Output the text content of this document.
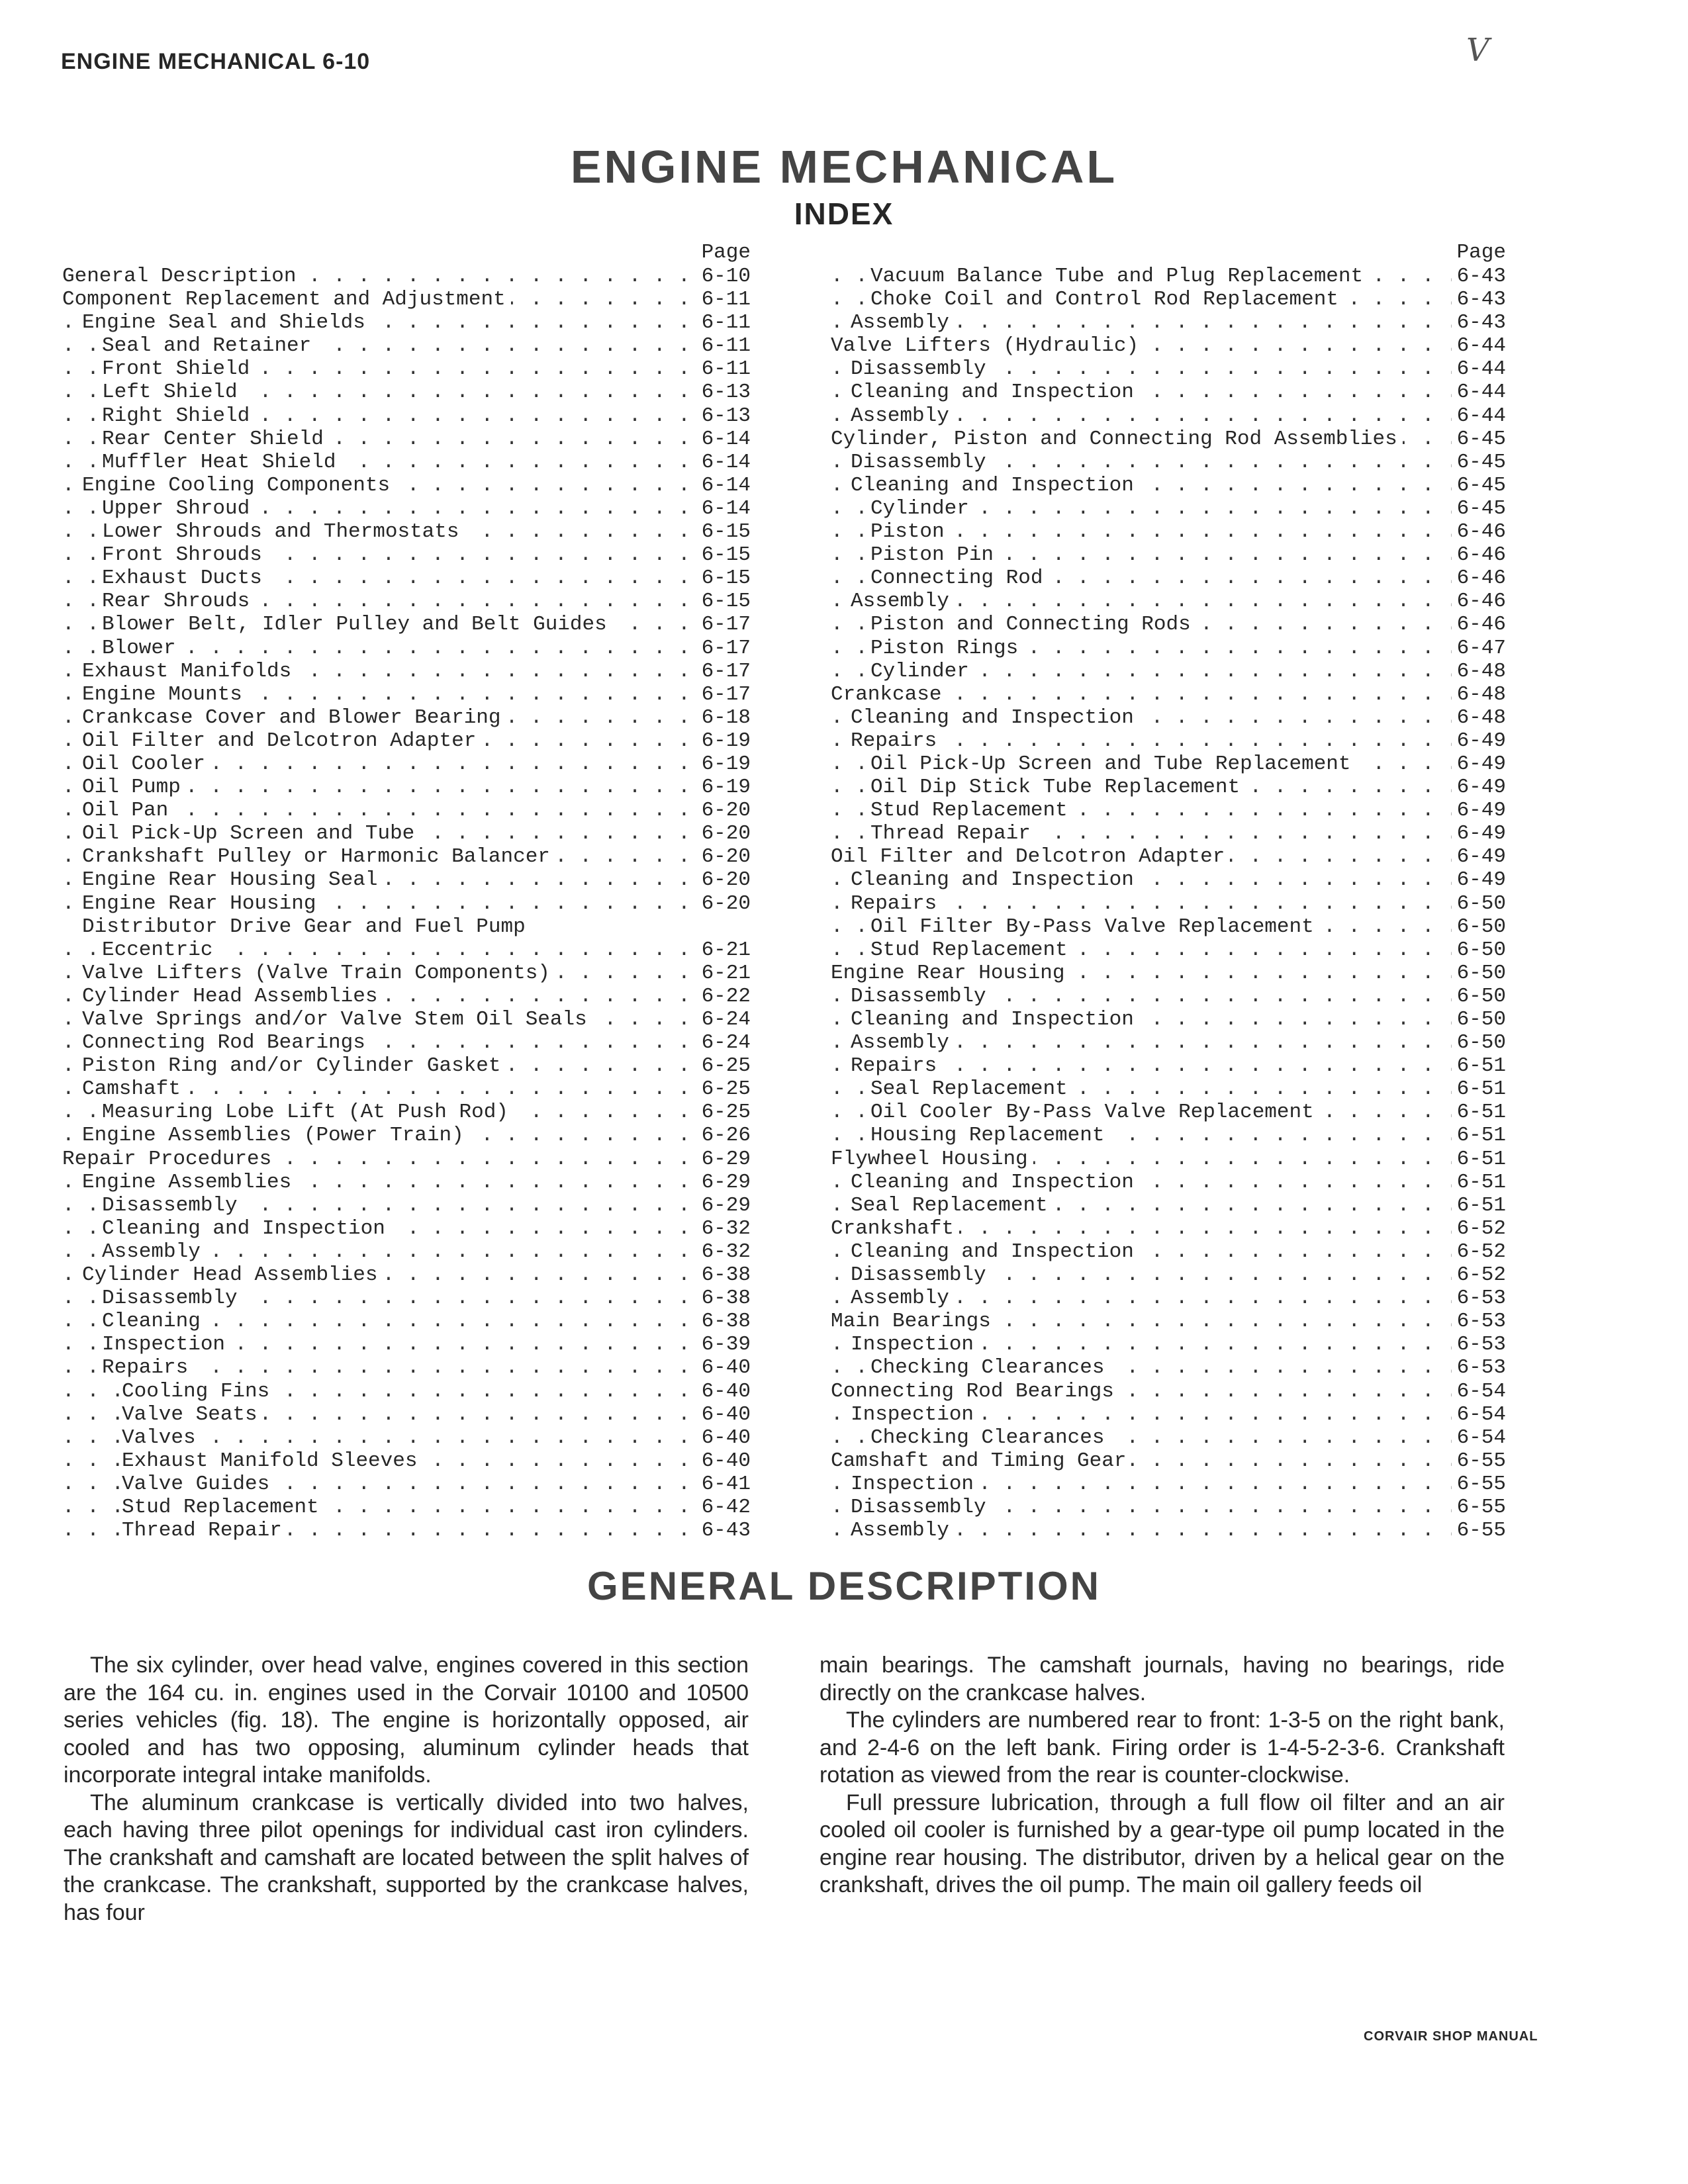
ENGINE MECHANICAL 6-10	V
ENGINE MECHANICAL
INDEX
Page
General Description	6-10
. . .
Component Replacement and Adjustment	6-11
. . .
Engine Seal and Shields	6-11
. . .
Seal and Retainer	6-11
. . .
Front Shield	6-11
. . .
Left Shield	6-13
. . .
Right Shield	6-13
. . .
Rear Center Shield	6-14
. . .
Muffler Heat Shield	6-14
. . .
Engine Cooling Components	6-14
. . .
Upper Shroud	6-14
. . .
Lower Shrouds and Thermostats	6-15
. . .
Front Shrouds	6-15
. . .
Exhaust Ducts	6-15
. . .
Rear Shrouds	6-15
. . .
Blower Belt, Idler Pulley and Belt Guides	6-17
. . .
Blower	6-17
. . .
Exhaust Manifolds	6-17
. . .
Engine Mounts	6-17
. . .
Crankcase Cover and Blower Bearing	6-18
. . .
Oil Filter and Delcotron Adapter	6-19
. . .
Oil Cooler	6-19
. . .
Oil Pump	6-19
. . .
Oil Pan	6-20
. . .
Oil Pick-Up Screen and Tube	6-20
. . .
Crankshaft Pulley or Harmonic Balancer	6-20
. . .
Engine Rear Housing Seal	6-20
. . .
Engine Rear Housing	6-20
. . .
Distributor Drive Gear and Fuel Pump
Eccentric	6-21
. . .
Valve Lifters (Valve Train Components)	6-21
. . .
Cylinder Head Assemblies	6-22
. . .
Valve Springs and/or Valve Stem Oil Seals	6-24
. . .
Connecting Rod Bearings	6-24
. . .
Piston Ring and/or Cylinder Gasket	6-25
. . .
Camshaft	6-25
. . .
Measuring Lobe Lift (At Push Rod)	6-25
. . .
Engine Assemblies (Power Train)	6-26
. . .
Repair Procedures	6-29
. . .
Engine Assemblies	6-29
. . .
Disassembly	6-29
. . .
Cleaning and Inspection	6-32
. . .
Assembly	6-32
. . .
Cylinder Head Assemblies	6-38
. . .
Disassembly	6-38
. . .
Cleaning	6-38
. . .
Inspection	6-39
. . .
Repairs	6-40
. . .
Cooling Fins	6-40
. . .
Valve Seats	6-40
. . .
Valves	6-40
. . .
Exhaust Manifold Sleeves	6-40
. . .
Valve Guides	6-41
. . .
Stud Replacement	6-42
. . .
Thread Repair	6-43
. . .
Page
Vacuum Balance Tube and Plug Replacement	6-43
. . .
Choke Coil and Control Rod Replacement	6-43
. . .
Assembly	6-43
. . .
Valve Lifters (Hydraulic)	6-44
. . .
Disassembly	6-44
. . .
Cleaning and Inspection	6-44
. . .
Assembly	6-44
. . .
Cylinder, Piston and Connecting Rod Assemblies	6-45
. . .
Disassembly	6-45
. . .
Cleaning and Inspection	6-45
. . .
Cylinder	6-45
. . .
Piston	6-46
. . .
Piston Pin	6-46
. . .
Connecting Rod	6-46
. . .
Assembly	6-46
. . .
Piston and Connecting Rods	6-46
. . .
Piston Rings	6-47
. . .
Cylinder	6-48
. . .
Crankcase	6-48
. . .
Cleaning and Inspection	6-48
. . .
Repairs	6-49
. . .
Oil Pick-Up Screen and Tube Replacement	6-49
. . .
Oil Dip Stick Tube Replacement	6-49
. . .
Stud Replacement	6-49
. . .
Thread Repair	6-49
. . .
Oil Filter and Delcotron Adapter	6-49
. . .
Cleaning and Inspection	6-49
. . .
Repairs	6-50
. . .
Oil Filter By-Pass Valve Replacement	6-50
. . .
Stud Replacement	6-50
. . .
Engine Rear Housing	6-50
. . .
Disassembly	6-50
. . .
Cleaning and Inspection	6-50
. . .
Assembly	6-50
. . .
Repairs	6-51
. . .
Seal Replacement	6-51
. . .
Oil Cooler By-Pass Valve Replacement	6-51
. . .
Housing Replacement	6-51
. . .
Flywheel Housing	6-51
. . .
Cleaning and Inspection	6-51
. . .
Seal Replacement	6-51
. . .
Crankshaft	6-52
. . .
Cleaning and Inspection	6-52
. . .
Disassembly	6-52
. . .
Assembly	6-53
. . .
Main Bearings	6-53
. . .
Inspection	6-53
. . .
Checking Clearances	6-53
. . .
Connecting Rod Bearings	6-54
. . .
Inspection	6-54
. . .
Checking Clearances	6-54
. . .
Camshaft and Timing Gear	6-55
. . .
Inspection	6-55
. . .
Disassembly	6-55
. . .
Assembly	6-55
. . .
GENERAL DESCRIPTION

The six cylinder, over head valve, engines covered in this section are the 164 cu. in. engines used in the Corvair 10100 and 10500 series vehicles (fig. 18). The engine is horizontally opposed, air cooled and has two opposing, aluminum cylinder heads that incorporate integral intake manifolds.

The aluminum crankcase is vertically divided into two halves, each having three pilot openings for individual cast iron cylinders. The crankshaft and camshaft are located between the split halves of the crankcase. The crankshaft, supported by the crankcase halves, has four

main bearings. The camshaft journals, having no bearings, ride directly on the crankcase halves.

The cylinders are numbered rear to front: 1-3-5 on the right bank, and 2-4-6 on the left bank. Firing order is 1-4-5-2-3-6. Crankshaft rotation as viewed from the rear is counter-clockwise.

Full pressure lubrication, through a full flow oil filter and an air cooled oil cooler is furnished by a gear-type oil pump located in the engine rear housing. The distributor, driven by a helical gear on the crankshaft, drives the oil pump. The main oil gallery feeds oil

CORVAIR SHOP MANUAL
